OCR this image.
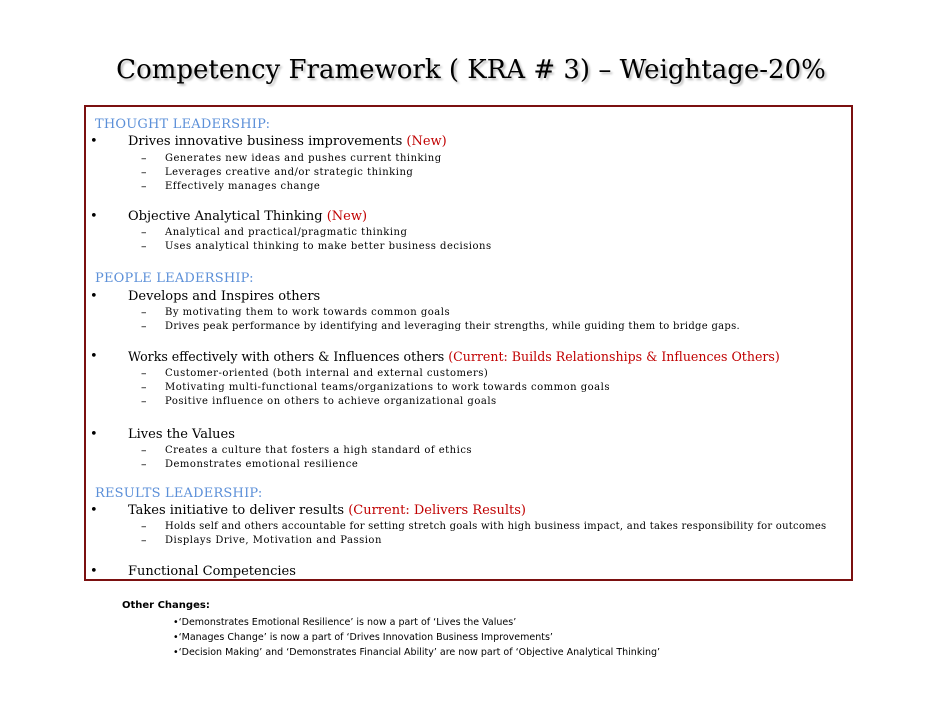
Competency Framework ( KRA # 3) – Weightage-20%
THOUGHT LEADERSHIP:
• Drives innovative business improvements (New)
– Generates new ideas and pushes current thinking
– Leverages creative and/or strategic thinking
– Effectively manages change
• Objective Analytical Thinking (New)
– Analytical and practical/pragmatic thinking
– Uses analytical thinking to make better business decisions
PEOPLE LEADERSHIP:
• Develops and Inspires others
– By motivating them to work towards common goals
– Drives peak performance by identifying and leveraging their strengths, while guiding them to bridge gaps.
• Works effectively with others & Influences others (Current: Builds Relationships & Influences Others)
– Customer-oriented (both internal and external customers)
– Motivating multi-functional teams/organizations to work towards common goals
– Positive influence on others to achieve organizational goals
• Lives the Values
– Creates a culture that fosters a high standard of ethics
– Demonstrates emotional resilience
RESULTS LEADERSHIP:
• Takes initiative to deliver results (Current: Delivers Results)
– Holds self and others accountable for setting stretch goals with high business impact, and takes responsibility for outcomes
– Displays Drive, Motivation and Passion
• Functional Competencies
Other Changes:
•‘Demonstrates Emotional Resilience’ is now a part of ‘Lives the Values’
•‘Manages Change’ is now a part of ‘Drives Innovation Business Improvements’
•‘Decision Making’ and ‘Demonstrates Financial Ability’ are now part of ‘Objective Analytical Thinking’
